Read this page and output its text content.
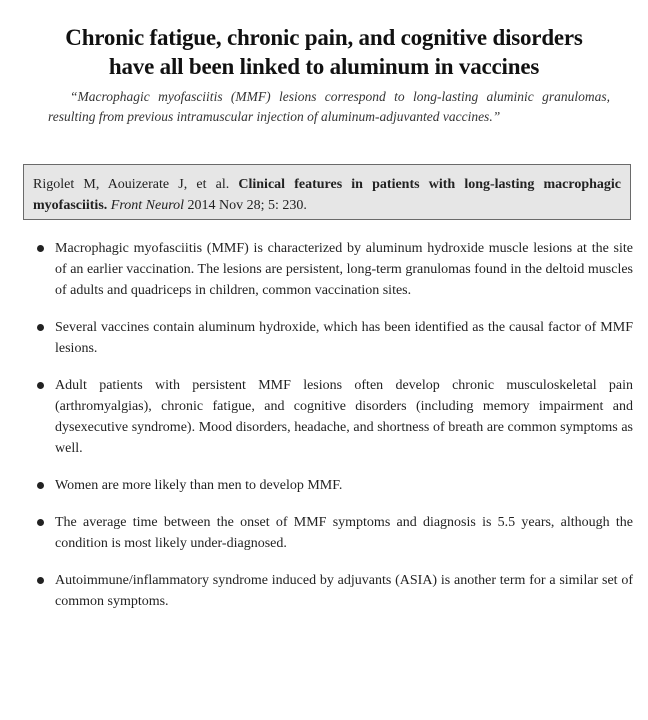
Chronic fatigue, chronic pain, and cognitive disorders
have all been linked to aluminum in vaccines

“Macrophagic myofasciitis (MMF) lesions correspond to long-lasting aluminic granulomas, resulting from previous intramuscular injection of aluminum-adjuvanted vaccines.”

Rigolet M, Aouizerate J, et al. Clinical features in patients with long-lasting macrophagic myofasciitis. Front Neurol 2014 Nov 28; 5: 230.
Macrophagic myofasciitis (MMF) is characterized by aluminum hydroxide muscle lesions at the site of an earlier vaccination. The lesions are persistent, long-term granulomas found in the deltoid muscles of adults and quadriceps in children, common vaccination sites.
Several vaccines contain aluminum hydroxide, which has been identified as the causal factor of MMF lesions.
Adult patients with persistent MMF lesions often develop chronic musculoskeletal pain (arthromyalgias), chronic fatigue, and cognitive disorders (including memory impairment and dysexecutive syndrome). Mood disorders, headache, and shortness of breath are common symptoms as well.
Women are more likely than men to develop MMF.
The average time between the onset of MMF symptoms and diagnosis is 5.5 years, although the condition is most likely under-diagnosed.
Autoimmune/inflammatory syndrome induced by adjuvants (ASIA) is another term for a similar set of common symptoms.
